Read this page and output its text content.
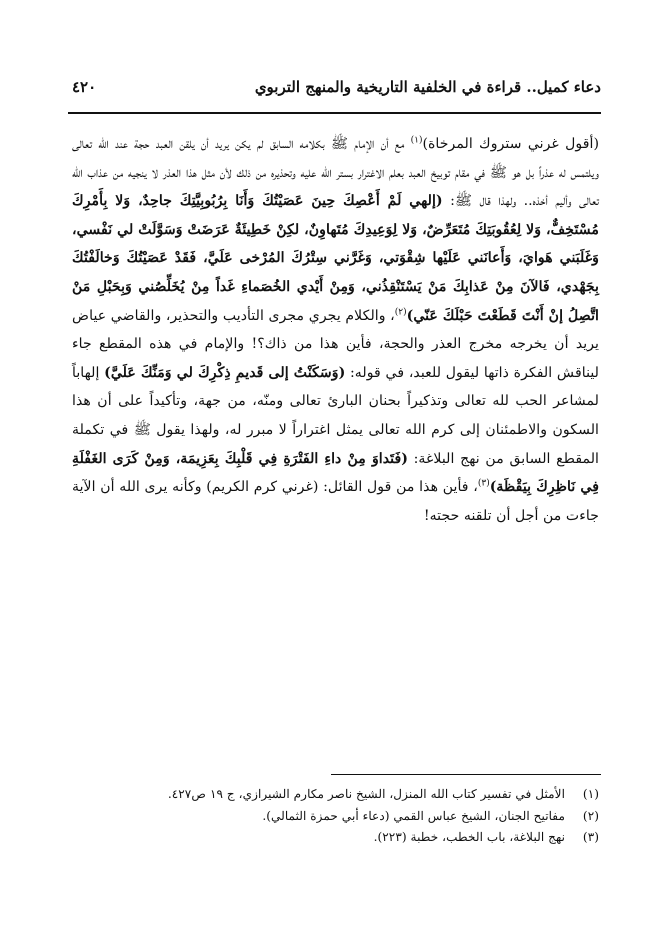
دعاء كميل.. قراءة في الخلفية التاريخية والمنهج التربوي
٤٢٠

(أقول غرني ستروك المرخاة)$^{(١)}$ مع أن الإمام ﷺ بكلامه السابق لم يكن يريد أن يلقن العبد حجة عند الله تعالى ويلتمس له عذراً بل هو ﷺ في مقام توبيخ العبد بعلم الاغترار بستر الله عليه وتحذيره من ذلك لأن مثل هذا العذر لا ينجيه من عذاب الله تعالى وأليم أخذه.. ولهذا قال ﷺ: (إلهي لَمْ أَعْصِكَ حِينَ عَصَيْتُكَ وَأَنَا بِرُبُوبِيَّتِكَ جاحِدٌ، وَلا بِأَمْرِكَ مُسْتَخِفٌّ، وَلا لِعُقُوبَتِكَ مُتَعَرِّضٌ، وَلا لِوَعِيدِكَ مُتَهاوِنٌ، لكِنْ خَطِيئَةٌ عَرَضَتْ وَسَوَّلَتْ لي نَفْسي، وَغَلَبَني هَوايَ، وَأَعانَني عَلَيْها شِقْوَتي، وَغَرَّني سِتْرُكَ المُرْخى عَلَيَّ، فَقَدْ عَصَيْتُكَ وَخالَفْتُكَ بِجَهْدي، فَالآنَ مِنْ عَذابِكَ مَنْ يَسْتَنْقِذُني، وَمِنْ أَيْدي الخُصَماءِ غَداً مِنْ يُخَلِّصُني وَبِحَبْلِ مَنْ اتَّصِلُ إنْ أَنْتَ قَطَعْتَ حَبْلَكَ عَنّي)$^{(٢)}$، والكلام يجري مجرى التأديب والتحذير، والقاضي عياض يريد أن يخرجه مخرج العذر والحجة، فأين هذا من ذاك؟! والإمام في هذه المقطع جاء ليناقش الفكرة ذاتها ليقول للعبد، في قوله: (وَسَكَنْتُ إلى قَديمِ ذِكْرِكَ لي وَمَنِّكَ عَلَيَّ) إلهاباً لمشاعر الحب لله تعالى وتذكيراً بحنان البارئ تعالى ومنّه، من جهة، وتأكيداً على أن هذا السكون والاطمئنان إلى كرم الله تعالى يمثل اغتراراً لا مبرر له، ولهذا يقول ﷺ في تكملة المقطع السابق من نهج البلاغة: (فَتَداوَ مِنْ داءِ الفَتْرَةِ فِي قَلْبِكَ بِعَزِيمَة، وَمِنْ كَرَى الغَفْلَةِ فِي نَاظِرِكَ بِيَقْظَة)$^{(٣)}$، فأين هذا من قول القائل: (غرني كرم الكريم) وكأنه يرى الله أن الآية جاءت من أجل أن تلقنه حجته!

(١)
الأمثل في تفسير كتاب الله المنزل، الشيخ ناصر مكارم الشيرازي، ج ١٩ ص٤٢٧.
(٢)
مفاتيح الجنان، الشيخ عباس القمي (دعاء أبي حمزة الثمالي).
(٣)
نهج البلاغة، باب الخطب، خطبة (٢٢٣).
